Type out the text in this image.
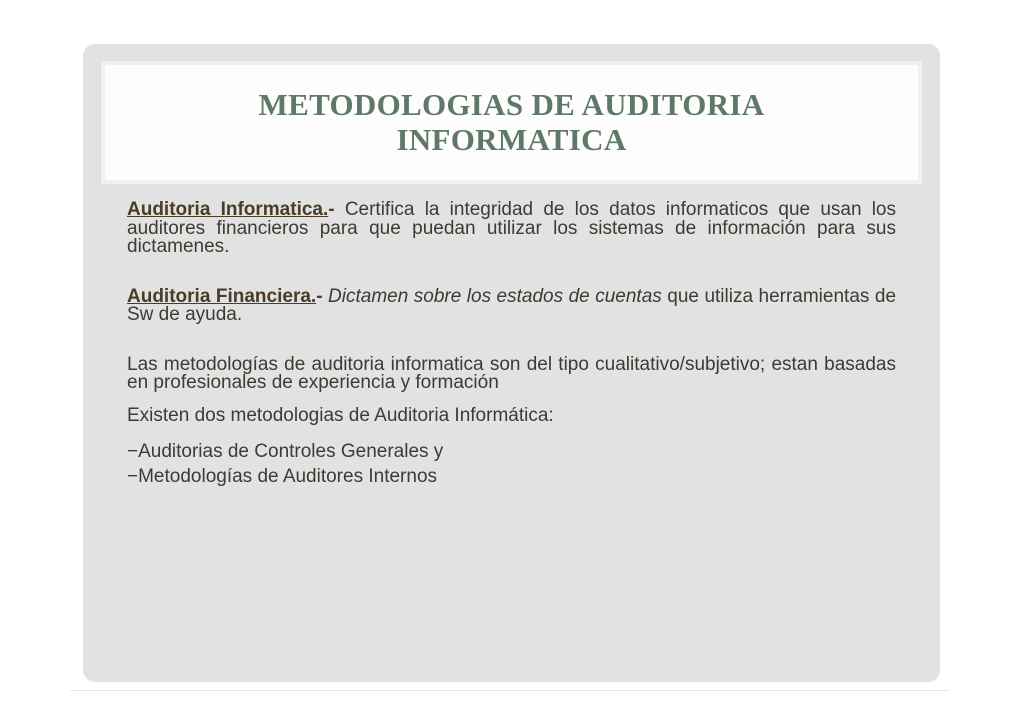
METODOLOGIAS DE AUDITORIA
INFORMATICA

Auditoria Informatica.- Certifica la integridad de los datos informaticos que usan los auditores financieros para que puedan utilizar los sistemas de información para sus dictamenes.

Auditoria Financiera.- Dictamen sobre los estados de cuentas que utiliza herramientas de Sw de ayuda.

Las metodologías de auditoria informatica son del tipo cualitativo/subjetivo; estan basadas en profesionales de experiencia y formación

Existen dos metodologias de Auditoria Informática:

−Auditorias de Controles Generales y

−Metodologías de Auditores Internos
